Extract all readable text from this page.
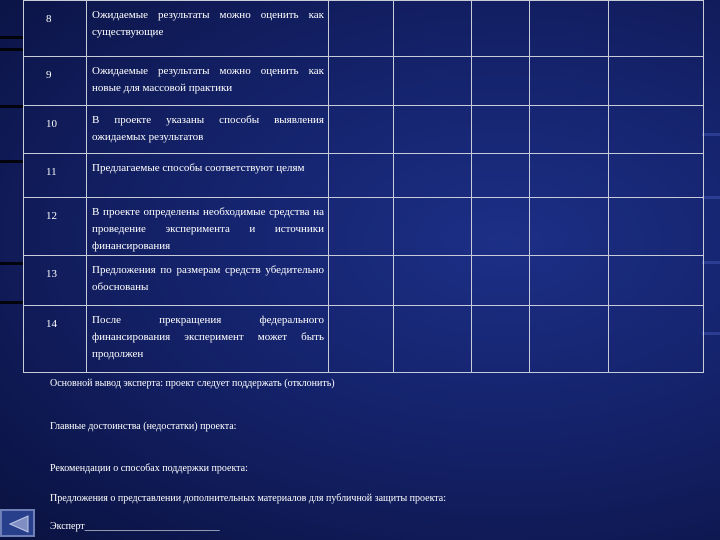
8	Ожидаемые результаты можно оценить как существующие					
9	Ожидаемые результаты можно оценить как новые для массовой практики					
10	В проекте указаны способы выявления ожидаемых результатов					
11	Предлагаемые способы соответствуют целям					
12	В проекте определены необходимые средства на проведение эксперимента и источники финансирования					
13	Предложения по размерам средств убедительно обоснованы					
14	После прекращения федерального финансирования эксперимент может быть продолжен					
Основной вывод эксперта: проект следует поддержать (отклонить)
Главные достоинства (недостатки) проекта:
Рекомендации о способах поддержки проекта:
Предложения о представлении дополнительных материалов для публичной защиты проекта:
Эксперт___________________________
